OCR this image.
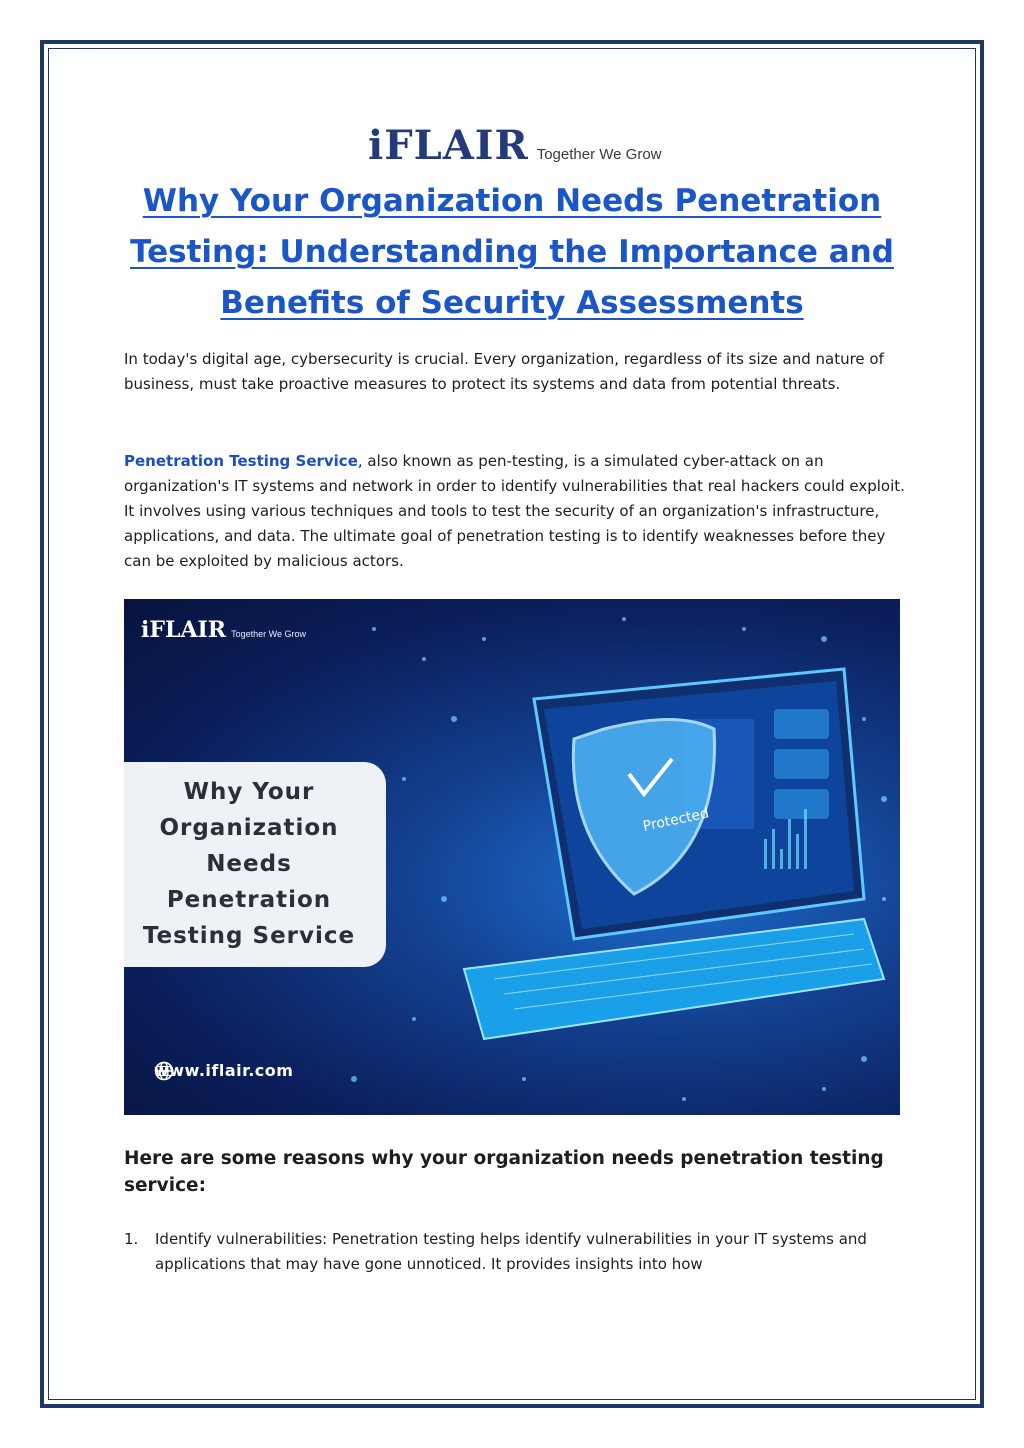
iFLAIR Together We Grow
Why Your Organization Needs Penetration Testing: Understanding the Importance and Benefits of Security Assessments

In today's digital age, cybersecurity is crucial. Every organization, regardless of its size and nature of business, must take proactive measures to protect its systems and data from potential threats.

Penetration Testing Service, also known as pen-testing, is a simulated cyber-attack on an organization's IT systems and network in order to identify vulnerabilities that real hackers could exploit. It involves using various techniques and tools to test the security of an organization's infrastructure, applications, and data. The ultimate goal of penetration testing is to identify weaknesses before they can be exploited by malicious actors.

Protected
iFLAIR Together We Grow

Why Your
Organization
Needs
Penetration
Testing Service

www.iflair.com
Here are some reasons why your organization needs penetration testing service:
1.	Identify vulnerabilities: Penetration testing helps identify vulnerabilities in your IT systems and applications that may have gone unnoticed. It provides insights into how
